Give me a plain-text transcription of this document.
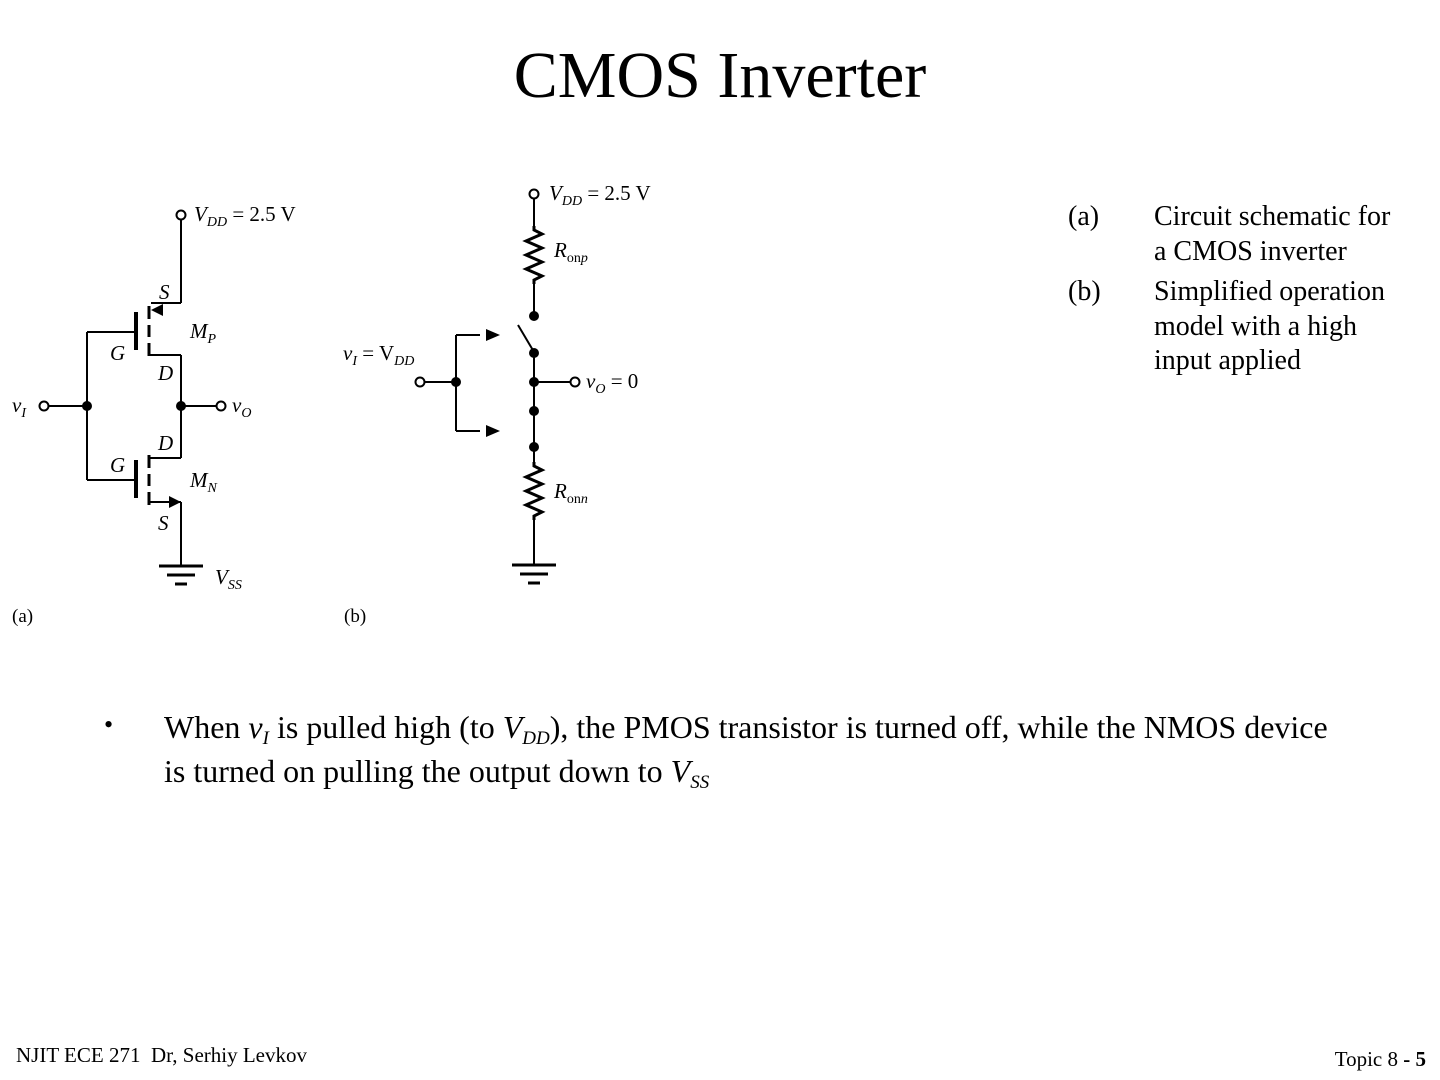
CMOS Inverter
$V_{DD} = 2.5$ V
S
G
D
$M_P$
D
G
$M_N$
S
$v_I$	$v_O$
$V_{SS}$
(a)
$V_{DD} = 2.5$ V
$R_{on}p$
$v_I = V_{DD}$
$v_O = 0$
$R_{on}n$
(b)
(a)	Circuit schematic for a CMOS inverter
(b)	Simplified operation model with a high input applied
•	When $v_I$ is pulled high (to $V_{DD}$), the PMOS transistor is turned off, while the NMOS device is turned on pulling the output down to $V_{SS}$
NJIT ECE 271  Dr, Serhiy Levkov	Topic 8 - 5
